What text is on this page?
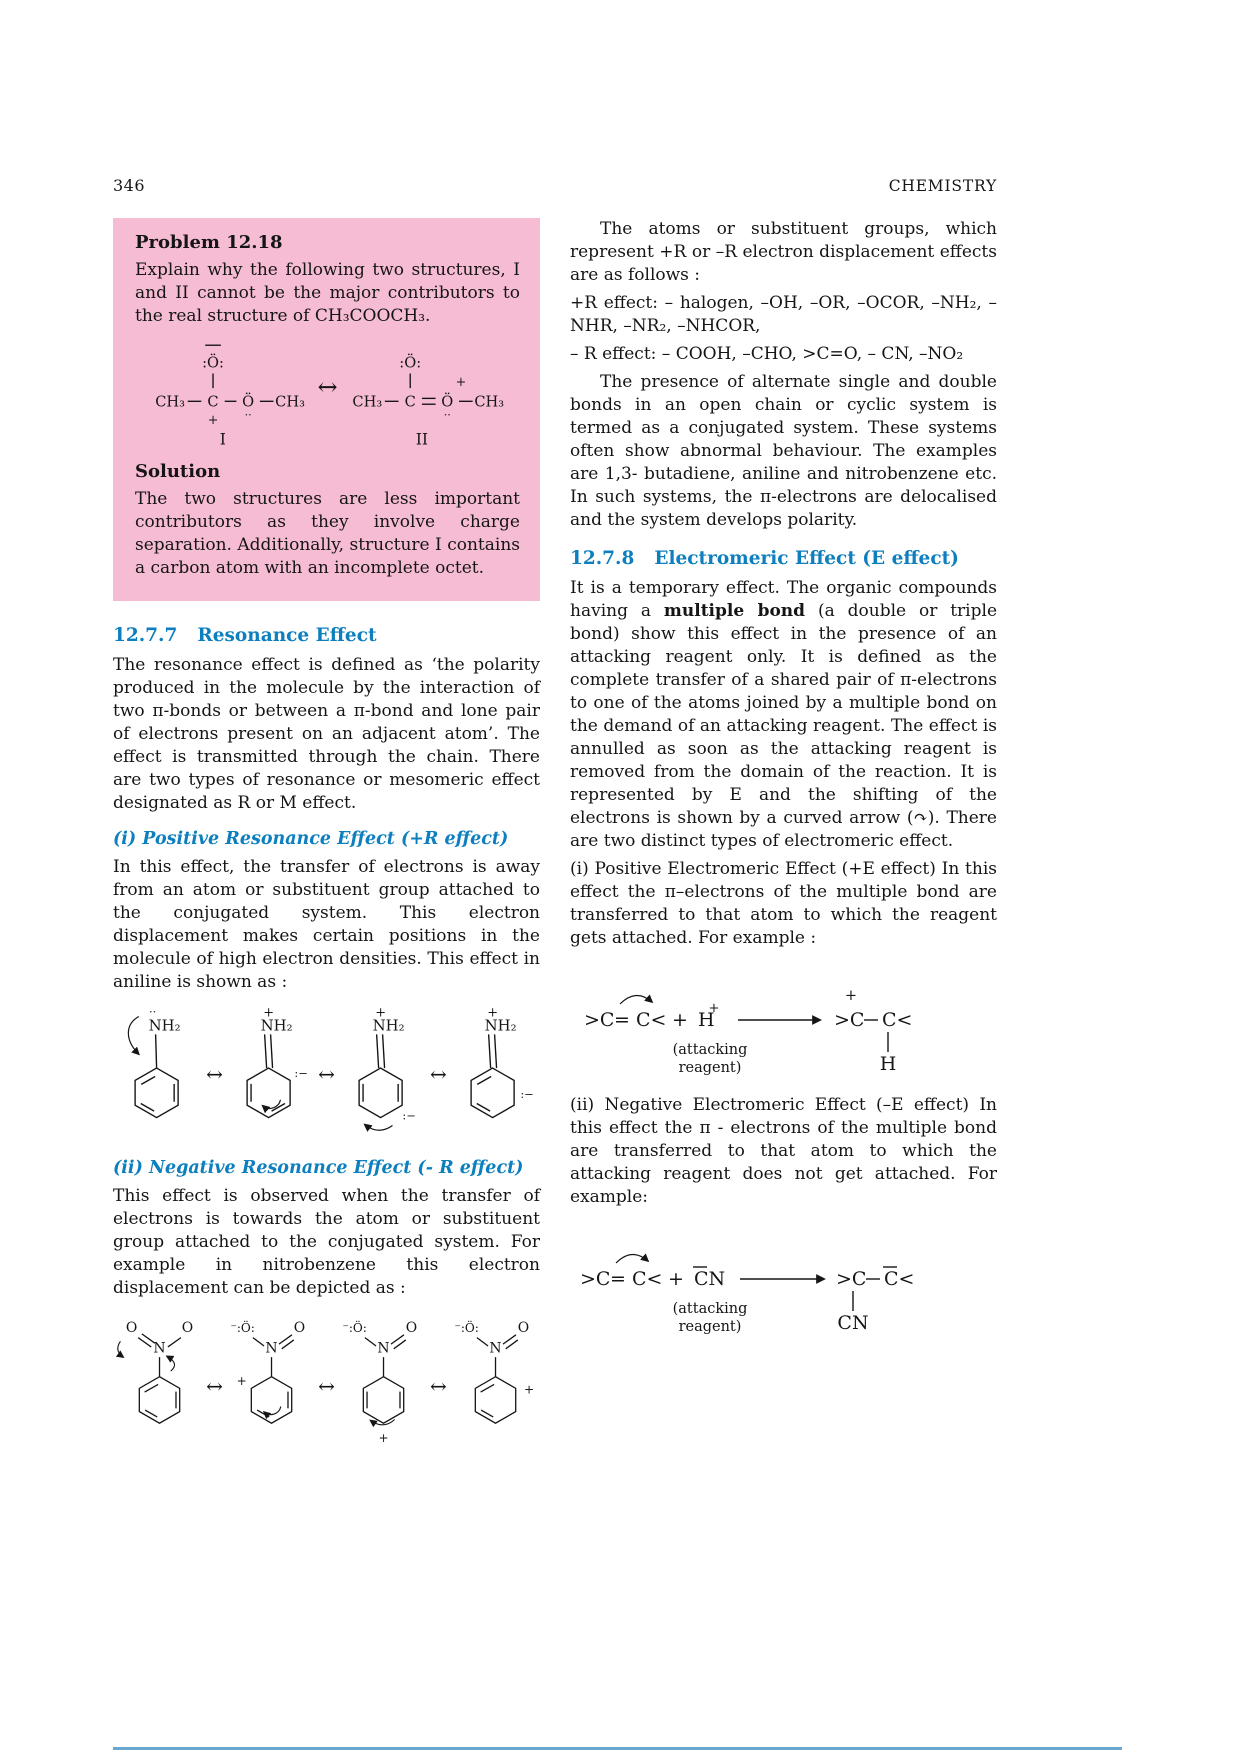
346	CHEMISTRY
Problem 12.18

Explain why the following two structures, I and II cannot be the major contributors to the real structure of CH₃COOCH₃.

:Ö:
CH₃ C Ö
··
CH₃
+
I
↔
:Ö:
CH₃ C Ö
+
··
CH₃
II
Solution

The two structures are less important contributors as they involve charge separation. Additionally, structure I contains a carbon atom with an incomplete octet.

12.7.7 Resonance Effect

The resonance effect is defined as ‘the polarity produced in the molecule by the interaction of two π-bonds or between a π-bond and lone pair of electrons present on an adjacent atom’. The effect is transmitted through the chain. There are two types of resonance or mesomeric effect designated as R or M effect.

(i) Positive Resonance Effect (+R effect)

In this effect, the transfer of electrons is away from an atom or substituent group attached to the conjugated system. This electron displacement makes certain positions in the molecule of high electron densities. This effect in aniline is shown as :

··
NH₂
↔
+
NH₂
:− ↔
+
NH₂
:−
↔
+
NH₂
:−
(ii) Negative Resonance Effect (- R effect)

This effect is observed when the transfer of electrons is towards the atom or substituent group attached to the conjugated system. For example in nitrobenzene this electron displacement can be depicted as :

O	O
N
↔
⁻:Ö:	O
N
+	↔
⁻:Ö:	O
N
+
↔
⁻:Ö:	O
N
+

The atoms or substituent groups, which represent +R or –R electron displacement effects are as follows :

+R effect: – halogen, –OH, –OR, –OCOR, –NH₂, –NHR, –NR₂, –NHCOR,

– R effect: – COOH, –CHO, >C=O, – CN, –NO₂

The presence of alternate single and double bonds in an open chain or cyclic system is termed as a conjugated system. These systems often show abnormal behaviour. The examples are 1,3- butadiene, aniline and nitrobenzene etc. In such systems, the π-electrons are delocalised and the system develops polarity.

12.7.8 Electromeric Effect (E effect)

It is a temporary effect. The organic compounds having a multiple bond (a double or triple bond) show this effect in the presence of an attacking reagent only. It is defined as the complete transfer of a shared pair of π-electrons to one of the atoms joined by a multiple bond on the demand of an attacking reagent. The effect is annulled as soon as the attacking reagent is removed from the domain of the reaction. It is represented by E and the shifting of the electrons is shown by a curved arrow (↷). There are two distinct types of electromeric effect.

(i) Positive Electromeric Effect (+E effect) In this effect the π–electrons of the multiple bond are transferred to that atom to which the reagent gets attached. For example :

>C = C< + H
+
+
>C C<
H
(attacking
reagent)

(ii) Negative Electromeric Effect (–E effect) In this effect the π - electrons of the multiple bond are transferred to that atom to which the attacking reagent does not get attached. For example:

>C = C< + CN	>C C<
CN
(attacking
reagent)
